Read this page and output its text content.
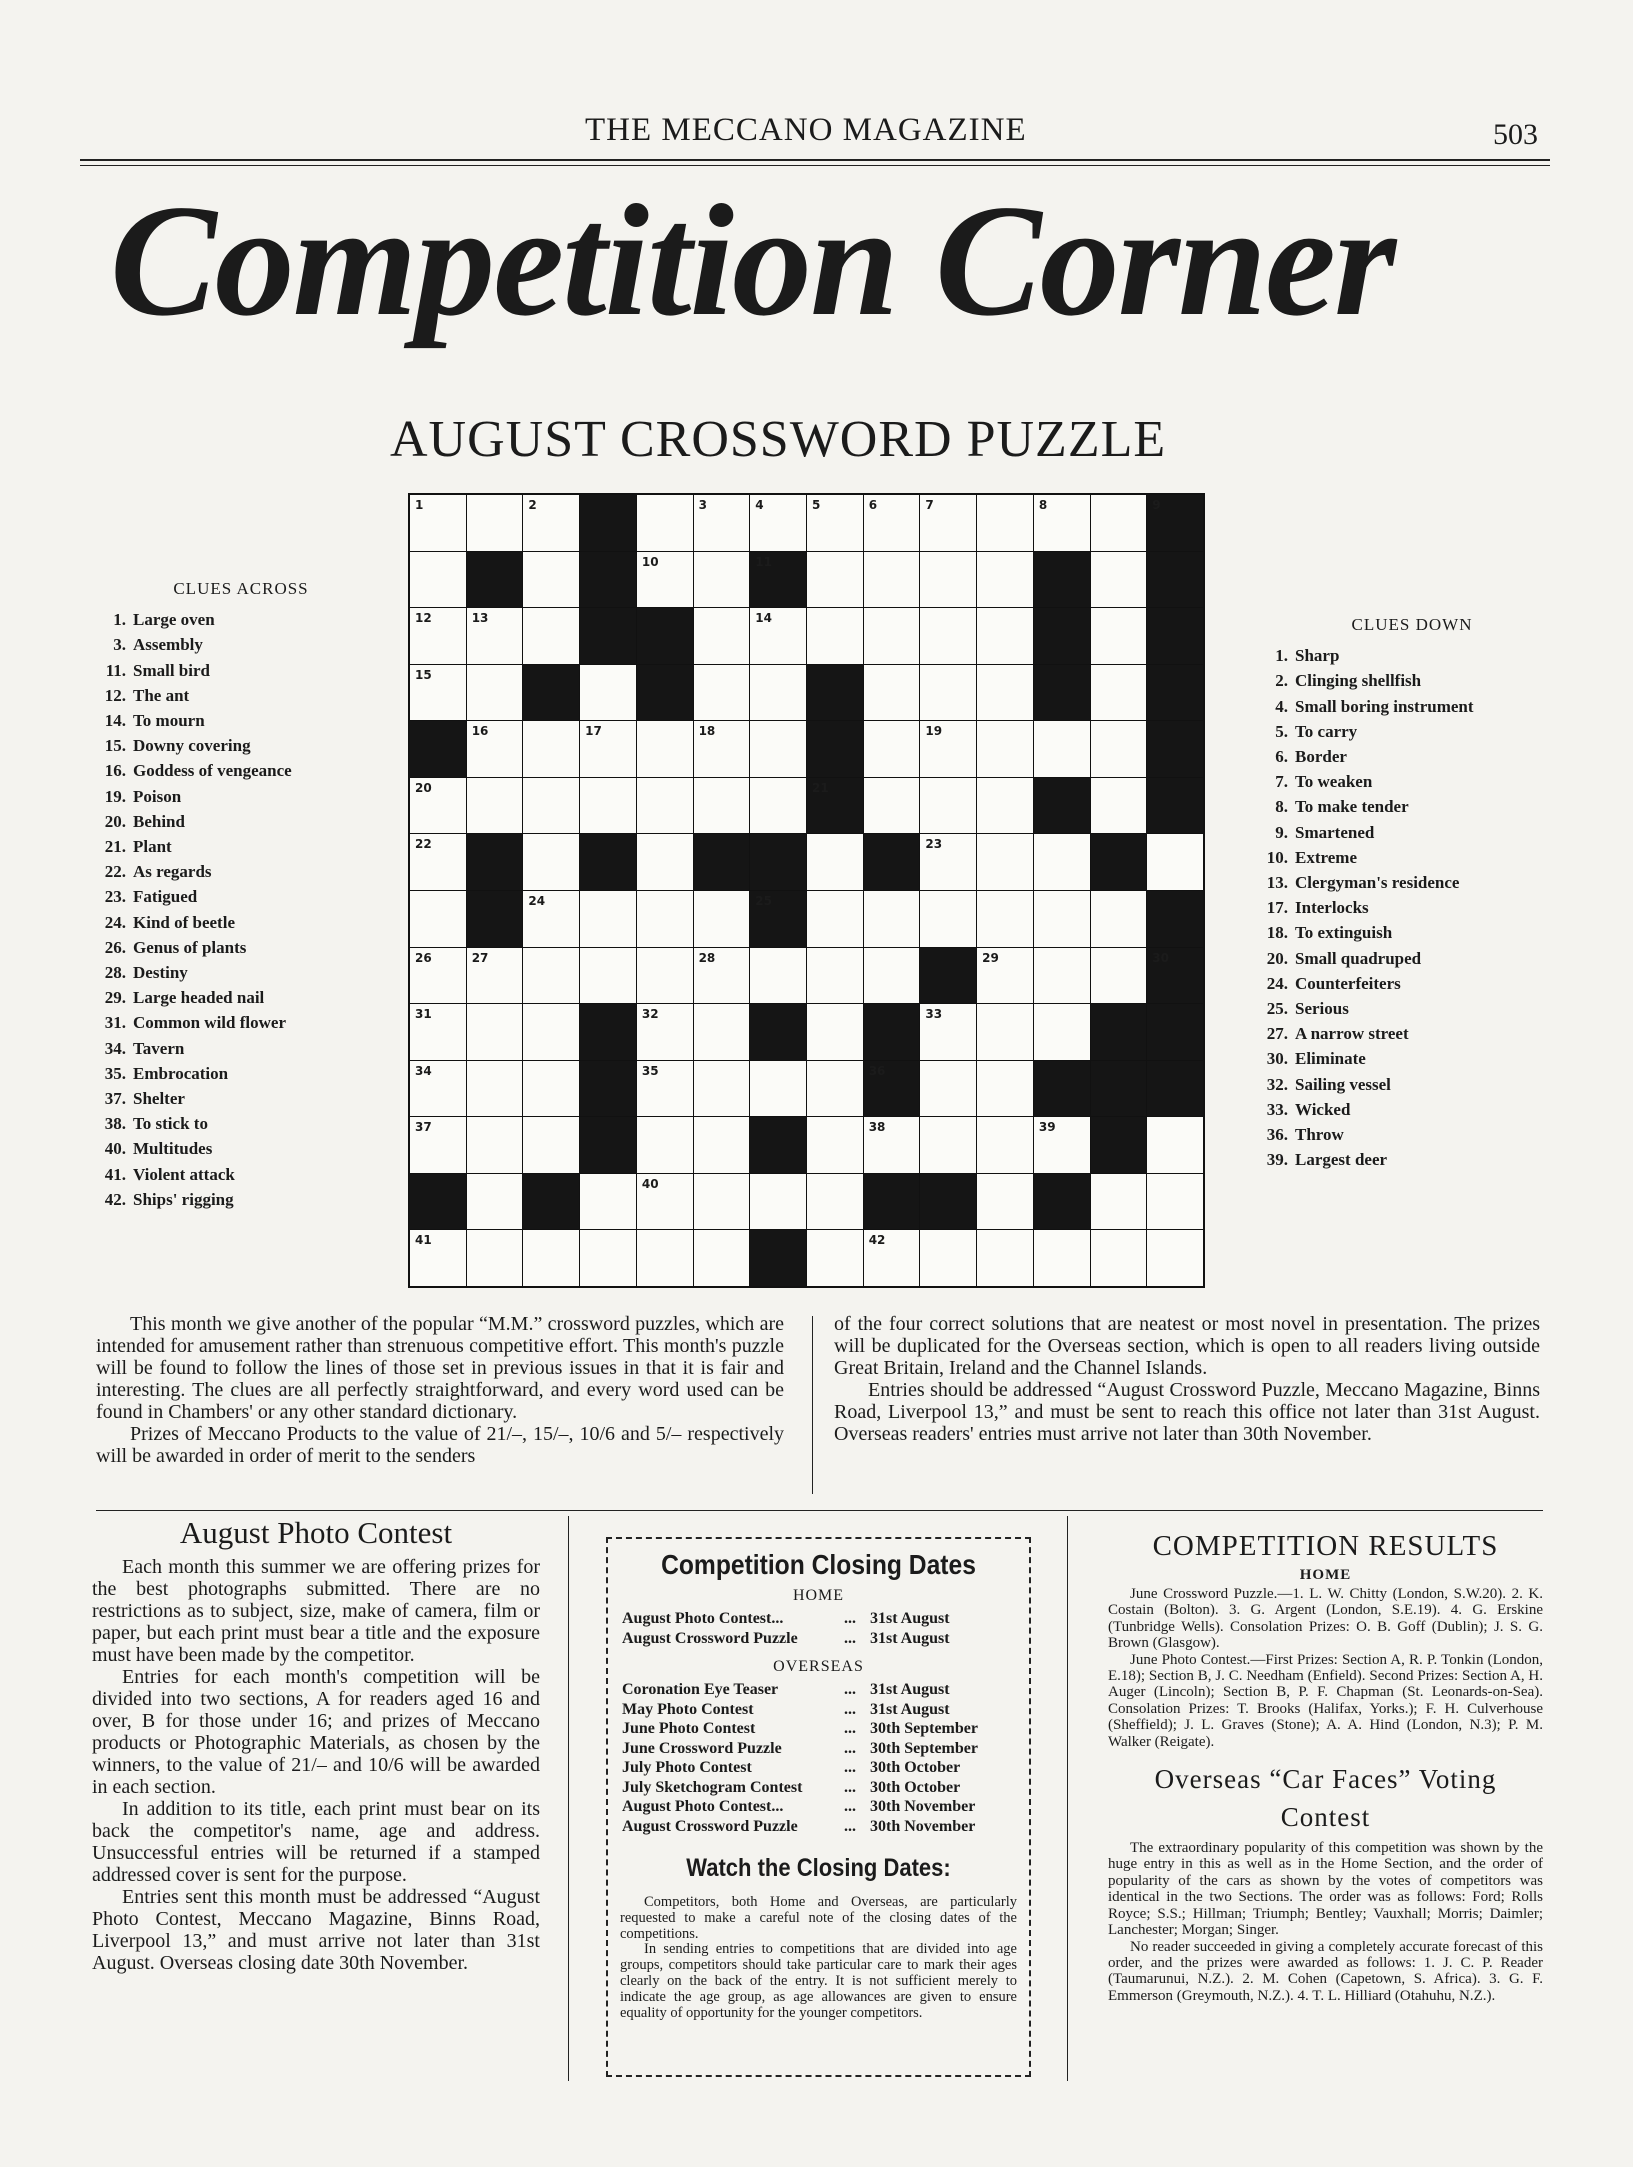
THE MECCANO MAGAZINE	503
Competition Corner
AUGUST CROSSWORD PUZZLE
CLUES ACROSS
1. Large oven
3. Assembly
11. Small bird
12. The ant
14. To mourn
15. Downy covering
16. Goddess of vengeance
19. Poison
20. Behind
21. Plant
22. As regards
23. Fatigued
24. Kind of beetle
26. Genus of plants
28. Destiny
29. Large headed nail
31. Common wild flower
34. Tavern
35. Embrocation
37. Shelter
38. To stick to
40. Multitudes
41. Violent attack
42. Ships' rigging
1	2	3	4	5	6	7	8	9
10	11
12	13	14
15
16	17	18	19
20	21
22	23
24	25
26	27	28	29	30
31	32	33
34	35	36
37	38	39
40
41	42
CLUES DOWN
1. Sharp
2. Clinging shellfish
4. Small boring instrument
5. To carry
6. Border
7. To weaken
8. To make tender
9. Smartened
10. Extreme
13. Clergyman's residence
17. Interlocks
18. To extinguish
20. Small quadruped
24. Counterfeiters
25. Serious
27. A narrow street
30. Eliminate
32. Sailing vessel
33. Wicked
36. Throw
39. Largest deer

This month we give another of the popular “M.M.” crossword puzzles, which are intended for amusement rather than strenuous competitive effort. This month's puzzle will be found to follow the lines of those set in previous issues in that it is fair and interesting. The clues are all perfectly straightforward, and every word used can be found in Chambers' or any other standard dictionary.

Prizes of Meccano Products to the value of 21/–, 15/–, 10/6 and 5/– respectively will be awarded in order of merit to the senders

of the four correct solutions that are neatest or most novel in presentation. The prizes will be duplicated for the Overseas section, which is open to all readers living outside Great Britain, Ireland and the Channel Islands.

Entries should be addressed “August Crossword Puzzle, Meccano Magazine, Binns Road, Liverpool 13,” and must be sent to reach this office not later than 31st August. Overseas readers' entries must arrive not later than 30th November.

August Photo Contest

Each month this summer we are offering prizes for the best photographs submitted. There are no restrictions as to subject, size, make of camera, film or paper, but each print must bear a title and the exposure must have been made by the competitor.

Entries for each month's competition will be divided into two sections, A for readers aged 16 and over, B for those under 16; and prizes of Meccano products or Photographic Materials, as chosen by the winners, to the value of 21/– and 10/6 will be awarded in each section.

In addition to its title, each print must bear on its back the competitor's name, age and address. Unsuccessful entries will be returned if a stamped addressed cover is sent for the purpose.

Entries sent this month must be addressed “August Photo Contest, Meccano Magazine, Binns Road, Liverpool 13,” and must arrive not later than 31st August. Overseas closing date 30th November.

Competition Closing Dates
HOME
August Photo Contest...	...	31st August
August Crossword Puzzle	...	31st August
OVERSEAS
Coronation Eye Teaser	...	31st August
May Photo Contest	...	31st August
June Photo Contest	...	30th September
June Crossword Puzzle	...	30th September
July Photo Contest	...	30th October
July Sketchogram Contest	...	30th October
August Photo Contest...	...	30th November
August Crossword Puzzle	...	30th November
Watch the Closing Dates:

Competitors, both Home and Overseas, are particularly requested to make a careful note of the closing dates of the competitions.

In sending entries to competitions that are divided into age groups, competitors should take particular care to mark their ages clearly on the back of the entry. It is not sufficient merely to indicate the age group, as age allowances are given to ensure equality of opportunity for the younger competitors.

COMPETITION RESULTS
HOME

June Crossword Puzzle.—1. L. W. Chitty (London, S.W.20). 2. K. Costain (Bolton). 3. G. Argent (London, S.E.19). 4. G. Erskine (Tunbridge Wells). Consolation Prizes: O. B. Goff (Dublin); J. S. G. Brown (Glasgow).

June Photo Contest.—First Prizes: Section A, R. P. Tonkin (London, E.18); Section B, J. C. Needham (Enfield). Second Prizes: Section A, H. Auger (Lincoln); Section B, P. F. Chapman (St. Leonards-on-Sea). Consolation Prizes: T. Brooks (Halifax, Yorks.); F. H. Culverhouse (Sheffield); J. L. Graves (Stone); A. A. Hind (London, N.3); P. M. Walker (Reigate).

Overseas “Car Faces” Voting Contest

The extraordinary popularity of this competition was shown by the huge entry in this as well as in the Home Section, and the order of popularity of the cars as shown by the votes of competitors was identical in the two Sections. The order was as follows: Ford; Rolls Royce; S.S.; Hillman; Triumph; Bentley; Vauxhall; Morris; Daimler; Lanchester; Morgan; Singer.

No reader succeeded in giving a completely accurate forecast of this order, and the prizes were awarded as follows: 1. J. C. P. Reader (Taumarunui, N.Z.). 2. M. Cohen (Capetown, S. Africa). 3. G. F. Emmerson (Greymouth, N.Z.). 4. T. L. Hilliard (Otahuhu, N.Z.).
